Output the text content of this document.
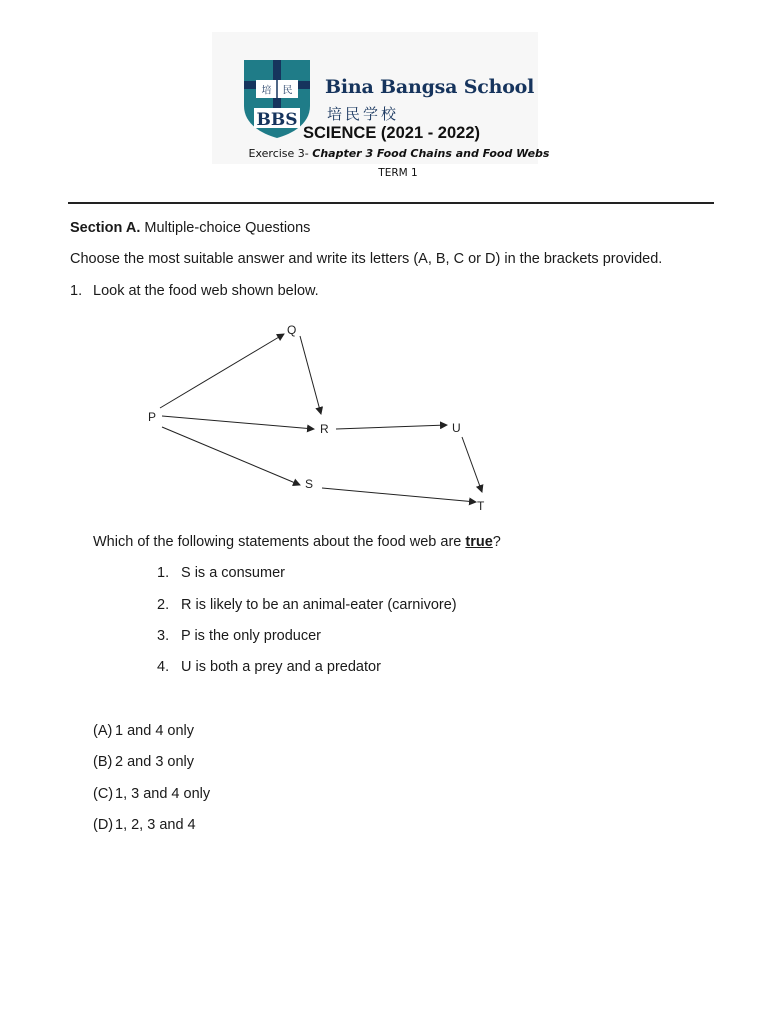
培 民
BBS
Bina Bangsa School
培民学校
SCIENCE (2021 - 2022)
Exercise 3- Chapter 3 Food Chains and Food Webs
TERM 1
Section A. Multiple-choice Questions
Choose the most suitable answer and write its letters (A, B, C or D) in the brackets provided.
1. Look at the food web shown below.
P
Q
R
S
U
T
Which of the following statements about the food web are true?
1. S is a consumer
2. R is likely to be an animal-eater (carnivore)
3. P is the only producer
4. U is both a prey and a predator
(A) 1 and 4 only
(B) 2 and 3 only
(C) 1, 3 and 4 only
(D) 1, 2, 3 and 4
